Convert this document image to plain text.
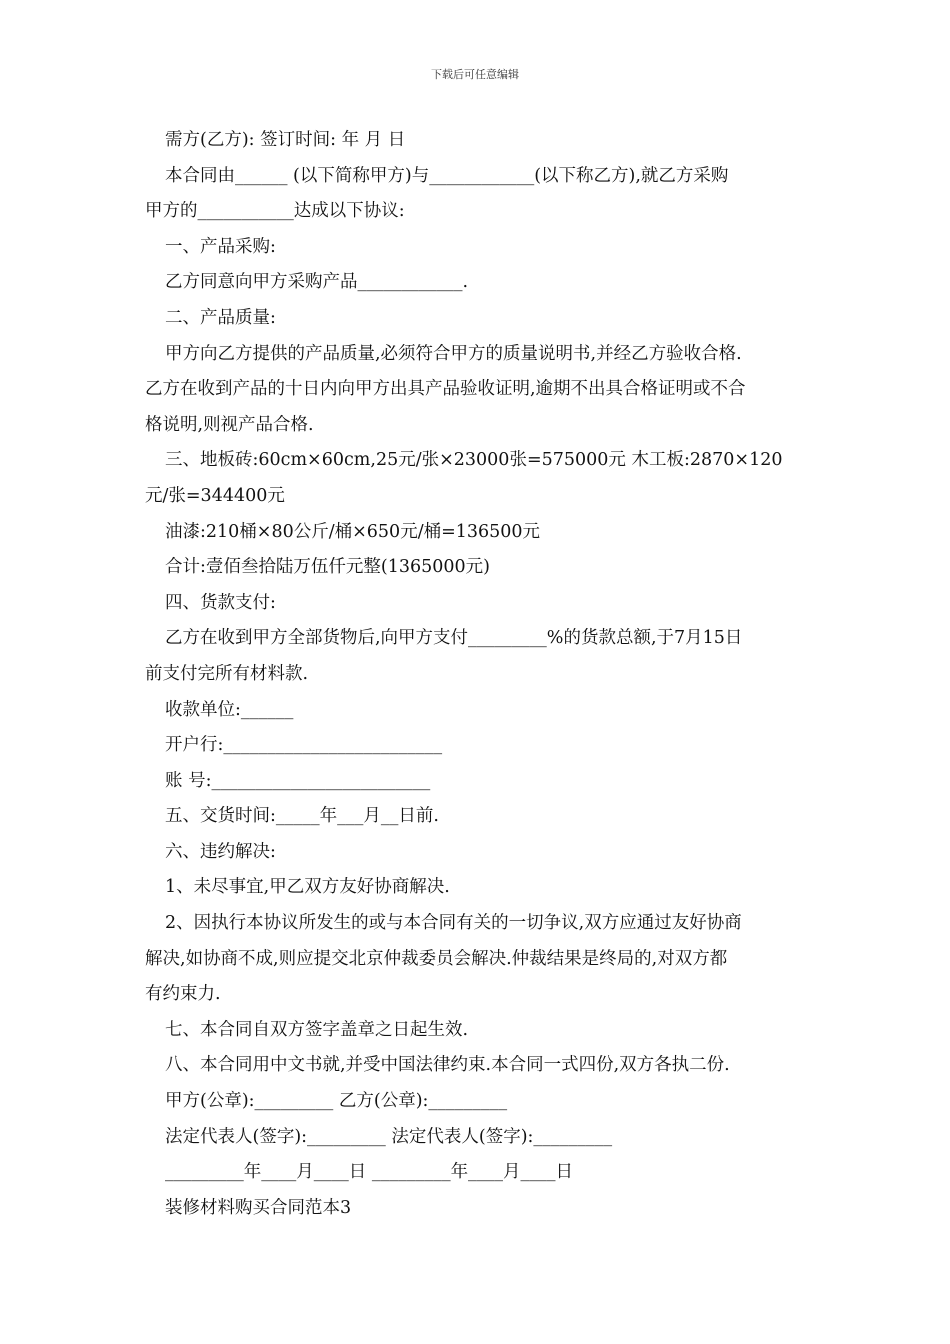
下载后可任意编辑
需方(乙方): 签订时间: 年 月 日
本合同由______ (以下简称甲方)与____________(以下称乙方),就乙方采购
甲方的___________达成以下协议:
一、产品采购:
乙方同意向甲方采购产品____________.
二、产品质量:
甲方向乙方提供的产品质量,必须符合甲方的质量说明书,并经乙方验收合格.
乙方在收到产品的十日内向甲方出具产品验收证明,逾期不出具合格证明或不合
格说明,则视产品合格.
三、地板砖:60cm×60cm,25元/张×23000张=575000元 木工板:2870×120
元/张=344400元
油漆:210桶×80公斤/桶×650元/桶=136500元
合计:壹佰叁拾陆万伍仟元整(1365000元)
四、货款支付:
乙方在收到甲方全部货物后,向甲方支付_________%的货款总额,于7月15日
前支付完所有材料款.
收款单位:______
开户行:_________________________
账 号:_________________________
五、交货时间:_____年___月__日前.
六、违约解决:
1、未尽事宜,甲乙双方友好协商解决.
2、因执行本协议所发生的或与本合同有关的一切争议,双方应通过友好协商
解决,如协商不成,则应提交北京仲裁委员会解决.仲裁结果是终局的,对双方都
有约束力.
七、本合同自双方签字盖章之日起生效.
八、本合同用中文书就,并受中国法律约束.本合同一式四份,双方各执二份.
甲方(公章):_________ 乙方(公章):_________
法定代表人(签字):_________ 法定代表人(签字):_________
_________年____月____日 _________年____月____日
装修材料购买合同范本3
